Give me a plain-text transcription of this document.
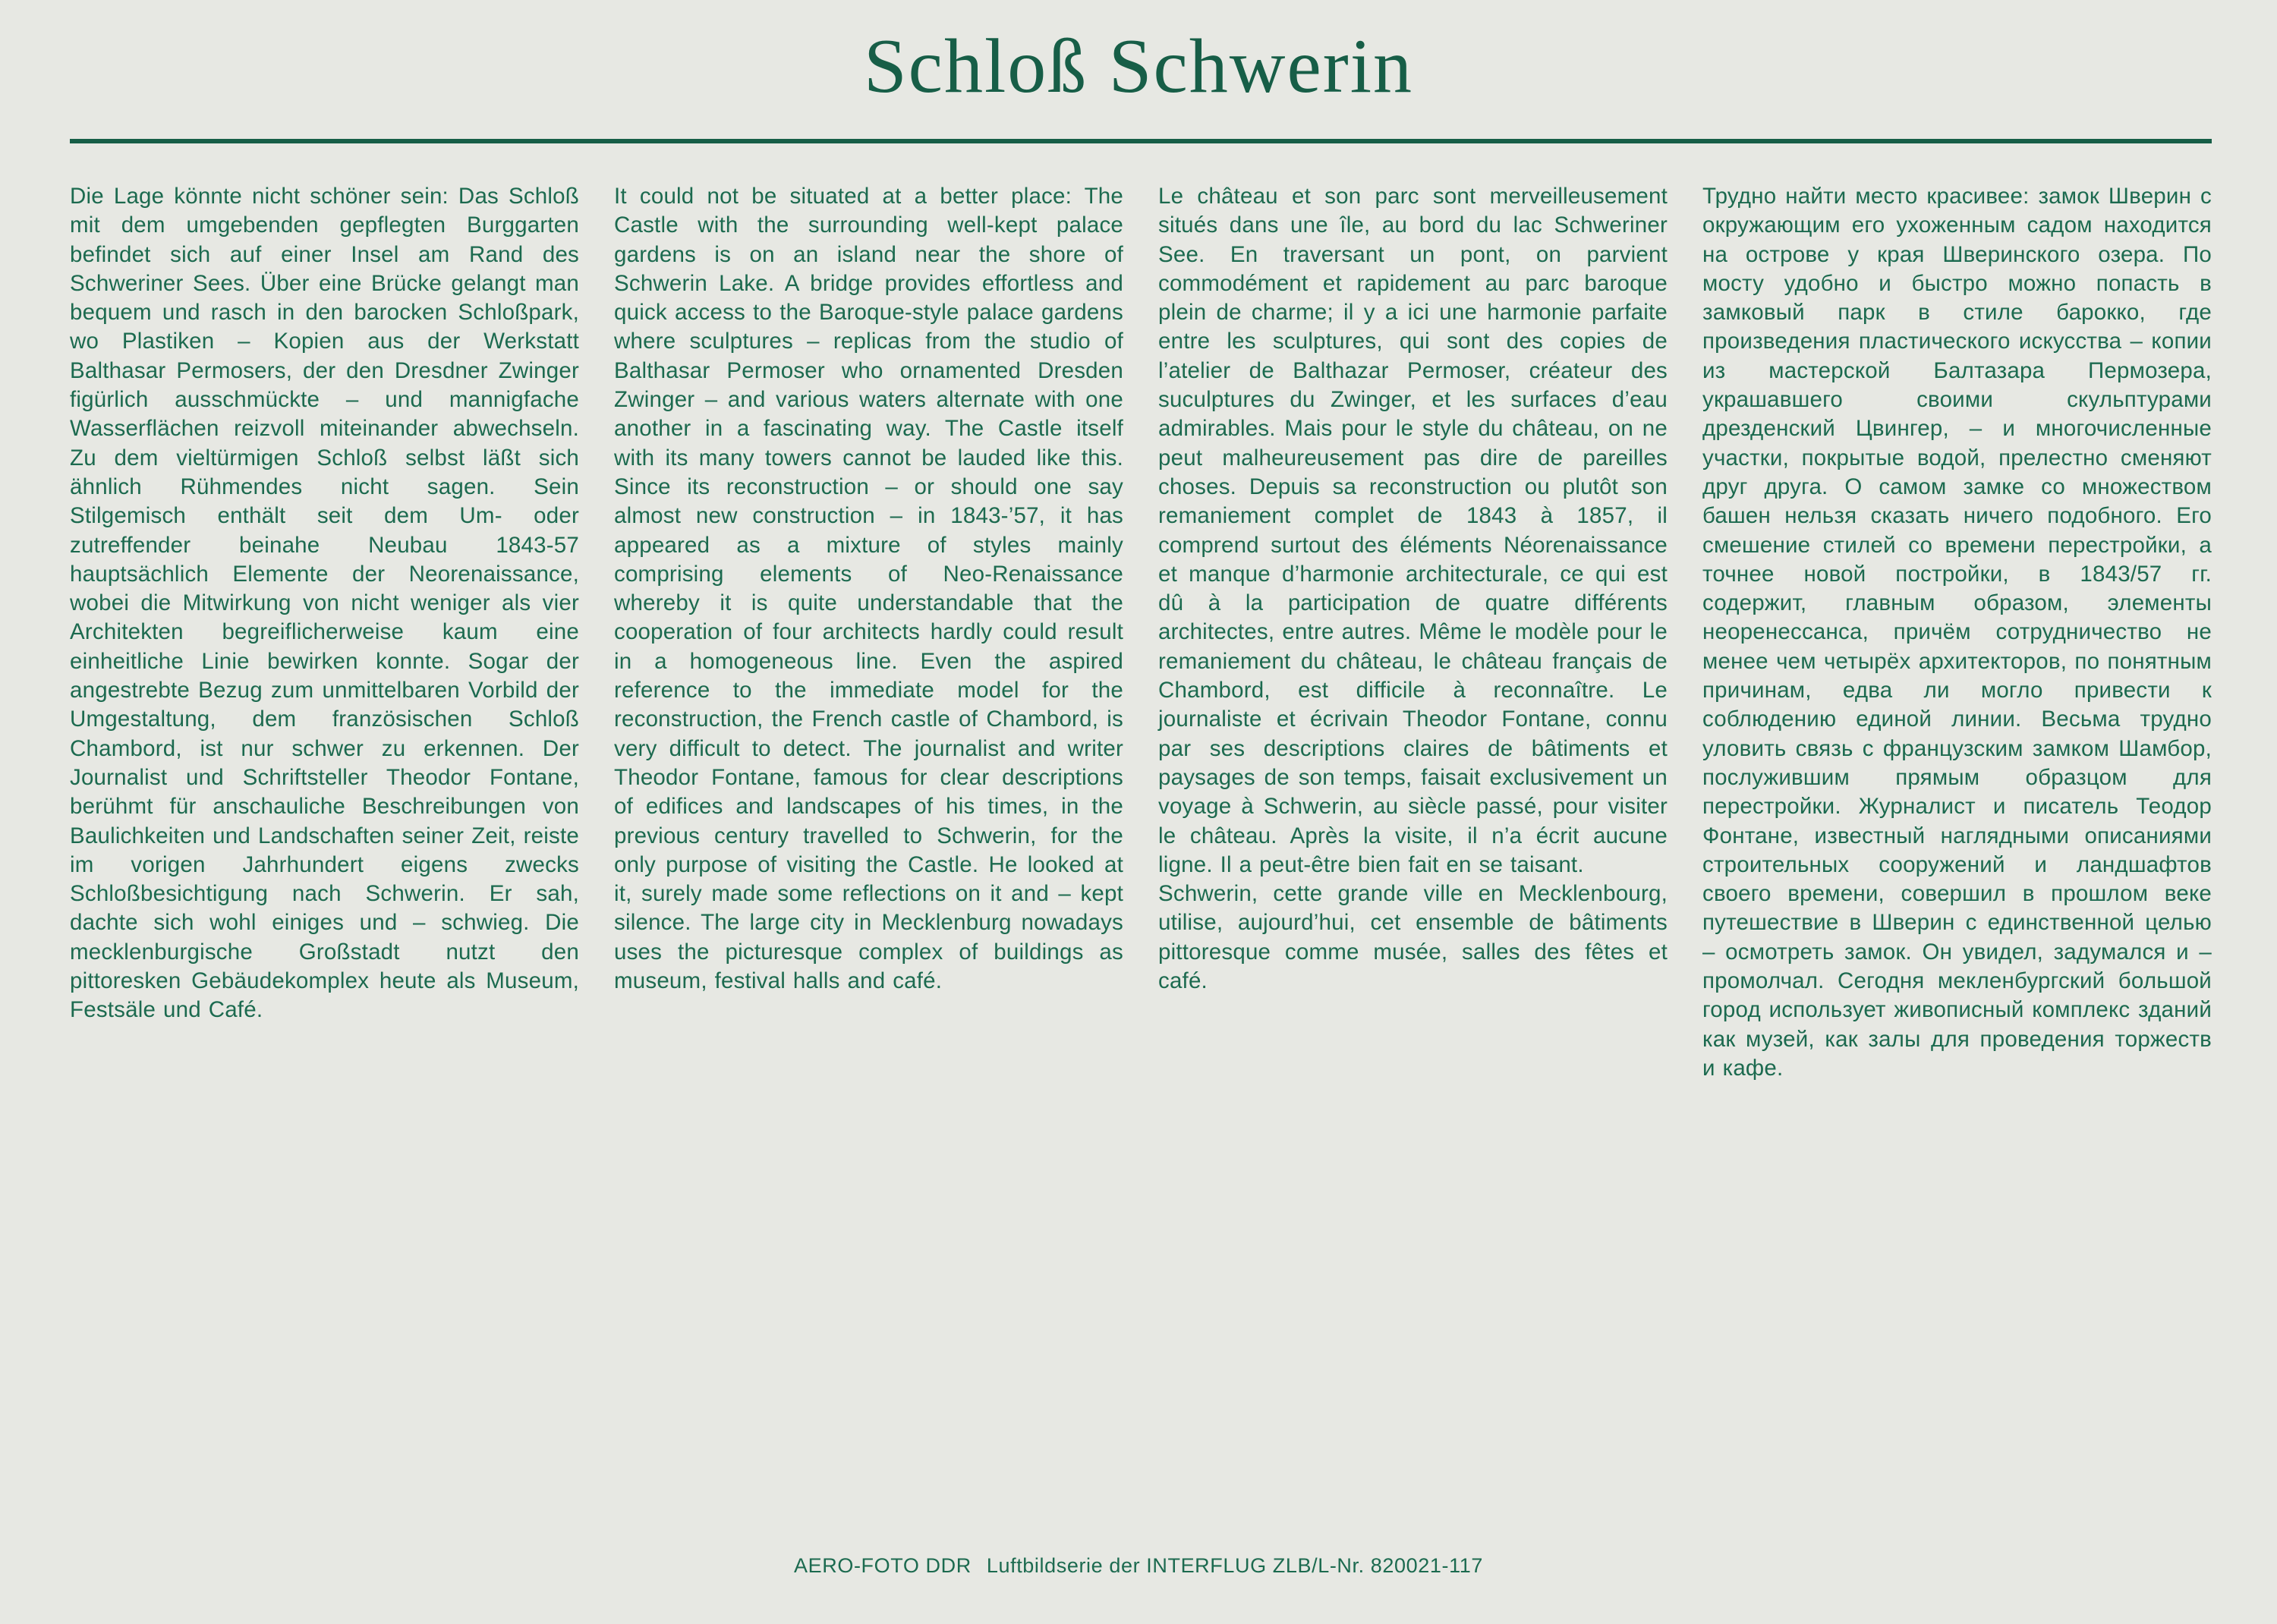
Schloß Schwerin

Die Lage könnte nicht schöner sein: Das Schloß mit dem umgebenden gepflegten Burggarten befindet sich auf einer Insel am Rand des Schweriner Sees. Über eine Brücke gelangt man bequem und rasch in den barocken Schloßpark, wo Plastiken – Kopien aus der Werkstatt Balthasar Permosers, der den Dresdner Zwinger figürlich ausschmückte – und mannigfache Wasserflächen reizvoll miteinander abwechseln. Zu dem vieltürmigen Schloß selbst läßt sich ähnlich Rühmendes nicht sagen. Sein Stilgemisch enthält seit dem Um- oder zutreffender beinahe Neubau 1843-57 hauptsächlich Elemente der Neorenaissance, wobei die Mitwirkung von nicht weniger als vier Architekten begreiflicherweise kaum eine einheitliche Linie bewirken konnte. Sogar der angestrebte Bezug zum unmittelbaren Vorbild der Umgestaltung, dem französischen Schloß Chambord, ist nur schwer zu erkennen. Der Journalist und Schriftsteller Theodor Fontane, berühmt für anschauliche Beschreibungen von Baulichkeiten und Landschaften seiner Zeit, reiste im vorigen Jahrhundert eigens zwecks Schloßbesichtigung nach Schwerin. Er sah, dachte sich wohl einiges und – schwieg. Die mecklenburgische Großstadt nutzt den pittoresken Gebäudekomplex heute als Museum, Festsäle und Café.

It could not be situated at a better place: The Castle with the surrounding well-kept palace gardens is on an island near the shore of Schwerin Lake. A bridge provides effortless and quick access to the Baroque-style palace gardens where sculptures – replicas from the studio of Balthasar Permoser who ornamented Dresden Zwinger – and various waters alternate with one another in a fascinating way. The Castle itself with its many towers cannot be lauded like this. Since its reconstruction – or should one say almost new construction – in 1843-’57, it has appeared as a mixture of styles mainly comprising elements of Neo-Renaissance whereby it is quite understandable that the cooperation of four architects hardly could result in a homogeneous line. Even the aspired reference to the immediate model for the reconstruction, the French castle of Chambord, is very difficult to detect. The journalist and writer Theodor Fontane, famous for clear descriptions of edifices and landscapes of his times, in the previous century travelled to Schwerin, for the only purpose of visiting the Castle. He looked at it, surely made some reflections on it and – kept silence. The large city in Mecklenburg nowadays uses the picturesque complex of buildings as museum, festival halls and café.

Le château et son parc sont merveilleusement situés dans une île, au bord du lac Schweriner See. En traversant un pont, on parvient commodément et rapidement au parc baroque plein de charme; il y a ici une harmonie parfaite entre les sculptures, qui sont des copies de l’atelier de Balthazar Permoser, créateur des suculptures du Zwinger, et les surfaces d’eau admirables. Mais pour le style du château, on ne peut malheureusement pas dire de pareilles choses. Depuis sa reconstruction ou plutôt son remaniement complet de 1843 à 1857, il comprend surtout des éléments Néorenaissance et manque d’harmonie architecturale, ce qui est dû à la participation de quatre différents architectes, entre autres. Même le modèle pour le remaniement du château, le château français de Chambord, est difficile à reconnaître. Le journaliste et écrivain Theodor Fontane, connu par ses descriptions claires de bâtiments et paysages de son temps, faisait exclusivement un voyage à Schwerin, au siècle passé, pour visiter le château. Après la visite, il n’a écrit aucune ligne. Il a peut-être bien fait en se taisant.

Schwerin, cette grande ville en Mecklenbourg, utilise, aujourd’hui, cet ensemble de bâtiments pittoresque comme musée, salles des fêtes et café.

Трудно найти место красивее: замок Шверин с окружающим его ухоженным садом находится на острове у края Шверинского озера. По мосту удобно и быстро можно попасть в замковый парк в стиле барокко, где произведения пластического искусства – копии из мастерской Балтазара Пермозера, украшавшего своими скульптурами дрезденский Цвингер, – и многочисленные участки, покрытые водой, прелестно сменяют друг друга. О самом замке со множеством башен нельзя сказать ничего подобного. Его смешение стилей со времени перестройки, а точнее новой постройки, в 1843/57 гг. содержит, главным образом, элементы неоренессанса, причём сотрудничество не менее чем четырёх архитекторов, по понятным причинам, едва ли могло привести к соблюдению единой линии. Весьма трудно уловить связь с французским замком Шамбор, послужившим прямым образцом для перестройки. Журналист и писатель Теодор Фонтане, известный наглядными описаниями строительных сооружений и ландшафтов своего времени, совершил в прошлом веке путешествие в Шверин с единственной целью – осмотреть замок. Он увидел, задумался и – промолчал. Сегодня мекленбургский большой город использует живописный комплекс зданий как музей, как залы для проведения торжеств и кафе.

AERO-FOTO DDR Luftbildserie der INTERFLUG ZLB/L-Nr. 820021-117
